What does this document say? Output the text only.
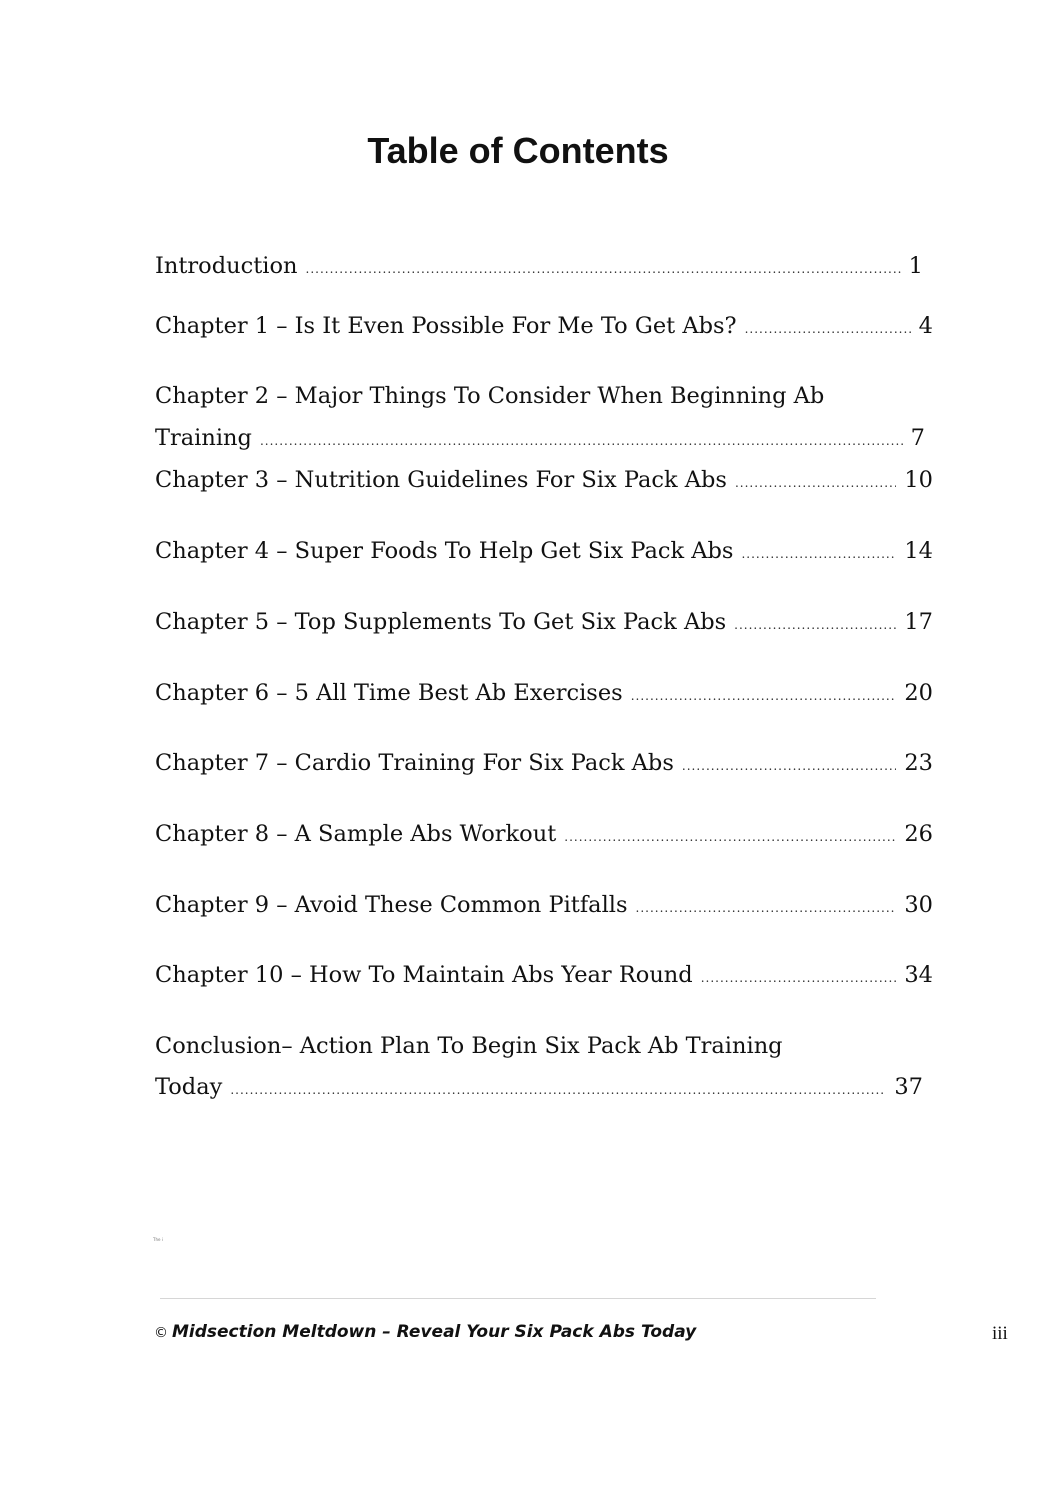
Table of Contents
Introduction .....	1
Chapter 1 – Is It Even Possible For Me To Get Abs? .....	4
Chapter 2 – Major Things To Consider When Beginning Ab
Training .....	7
Chapter 3 – Nutrition Guidelines For Six Pack Abs .....	10
Chapter 4 – Super Foods To Help Get Six Pack Abs .....	14
Chapter 5 – Top Supplements To Get Six Pack Abs .....	17
Chapter 6 – 5 All Time Best Ab Exercises .....	20
Chapter 7 – Cardio Training For Six Pack Abs .....	23
Chapter 8 – A Sample Abs Workout .....	26
Chapter 9 – Avoid These Common Pitfalls .....	30
Chapter 10 – How To Maintain Abs Year Round .....	34
Conclusion– Action Plan To Begin Six Pack Ab Training
Today .....	37
The i
© Midsection Meltdown – Reveal Your Six Pack Abs Today	iii
